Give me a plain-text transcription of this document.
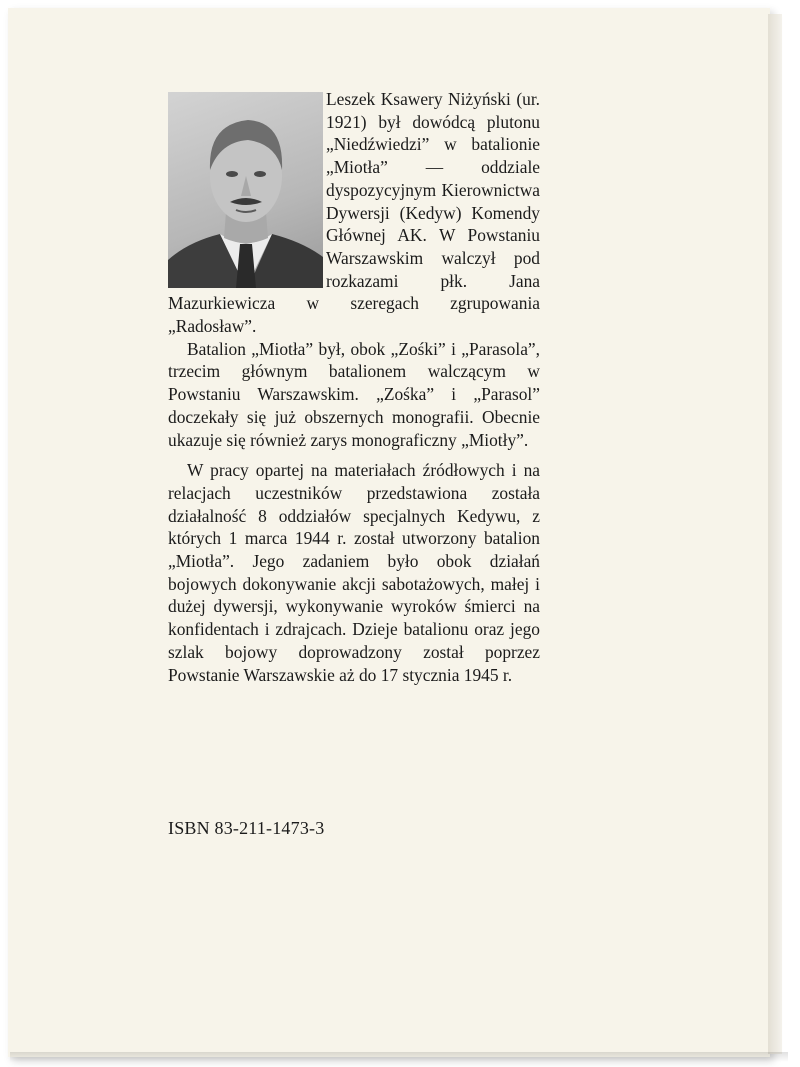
Leszek Ksawery Niżyński (ur. 1921) był dowódcą plutonu „Niedźwiedzi” w batalionie „Miotła” — oddziale dyspozycyjnym Kierownictwa Dywersji (Kedyw) Komendy Głównej AK. W Powstaniu Warszawskim walczył pod rozkazami płk. Jana Mazurkiewicza w szeregach zgrupowania „Radosław”.

Batalion „Miotła” był, obok „Zośki” i „Parasola”, trzecim głównym batalionem walczącym w Powstaniu Warszawskim. „Zośka” i „Parasol” doczekały się już obszernych monografii. Obecnie ukazuje się również zarys monograficzny „Miotły”.

W pracy opartej na materiałach źródłowych i na relacjach uczestników przedstawiona została działalność 8 oddziałów specjalnych Kedywu, z których 1 marca 1944 r. został utworzony batalion „Miotła”. Jego zadaniem było obok działań bojowych dokonywanie akcji sabotażowych, małej i dużej dywersji, wykonywanie wyroków śmierci na konfidentach i zdrajcach. Dzieje batalionu oraz jego szlak bojowy doprowadzony został poprzez Powstanie Warszawskie aż do 17 stycznia 1945 r.

ISBN 83-211-1473-3
